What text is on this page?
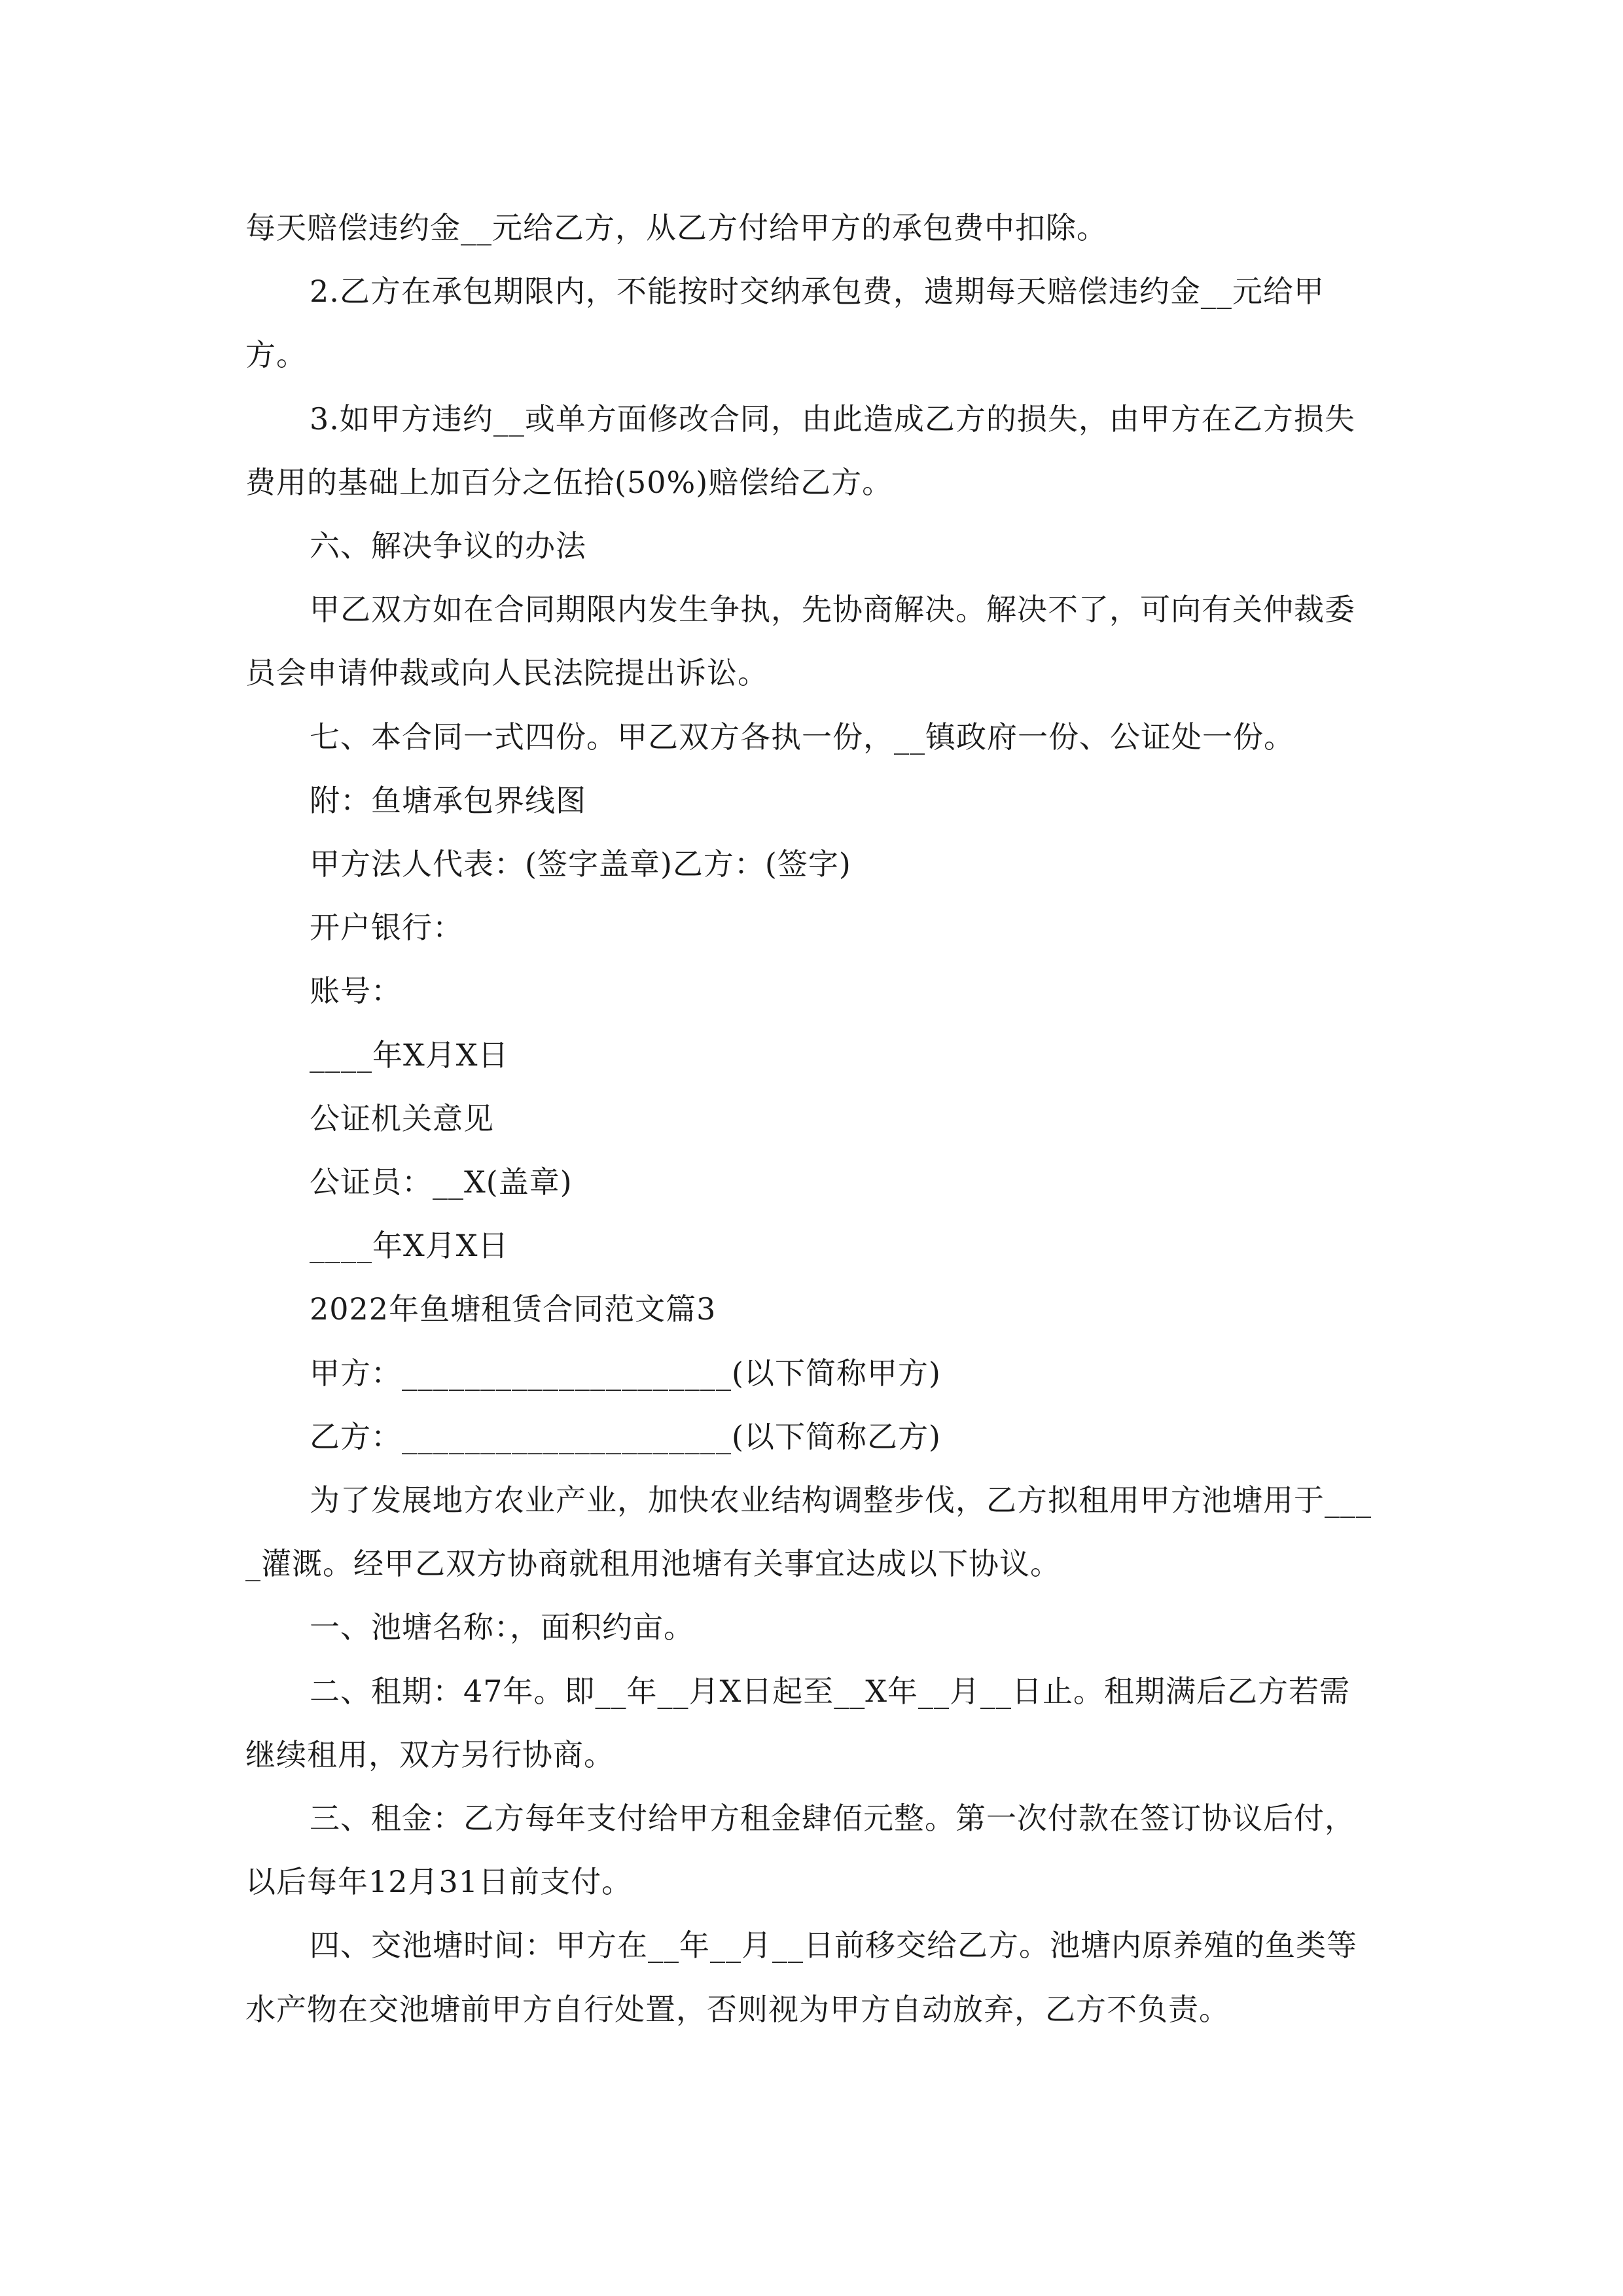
每天赔偿违约金__元给乙方，从乙方付给甲方的承包费中扣除。

2.乙方在承包期限内，不能按时交纳承包费，遗期每天赔偿违约金__元给甲方。

3.如甲方违约__或单方面修改合同，由此造成乙方的损失，由甲方在乙方损失费用的基础上加百分之伍拾(50%)赔偿给乙方。

六、解决争议的办法

甲乙双方如在合同期限内发生争执，先协商解决。解决不了，可向有关仲裁委员会申请仲裁或向人民法院提出诉讼。

七、本合同一式四份。甲乙双方各执一份，__镇政府一份、公证处一份。

附：鱼塘承包界线图

甲方法人代表：(签字盖章)乙方：(签字)

开户银行：

账号：

____年X月X日

公证机关意见

公证员：__X(盖章)

____年X月X日

2022年鱼塘租赁合同范文篇3

甲方：_____________________(以下简称甲方)

乙方：_____________________(以下简称乙方)

为了发展地方农业产业，加快农业结构调整步伐，乙方拟租用甲方池塘用于____灌溉。经甲乙双方协商就租用池塘有关事宜达成以下协议。

一、池塘名称：，面积约亩。

二、租期：47年。即__年__月X日起至__X年__月__日止。租期满后乙方若需继续租用，双方另行协商。

三、租金：乙方每年支付给甲方租金肆佰元整。第一次付款在签订协议后付，以后每年12月31日前支付。

四、交池塘时间：甲方在__年__月__日前移交给乙方。池塘内原养殖的鱼类等水产物在交池塘前甲方自行处置，否则视为甲方自动放弃，乙方不负责。
